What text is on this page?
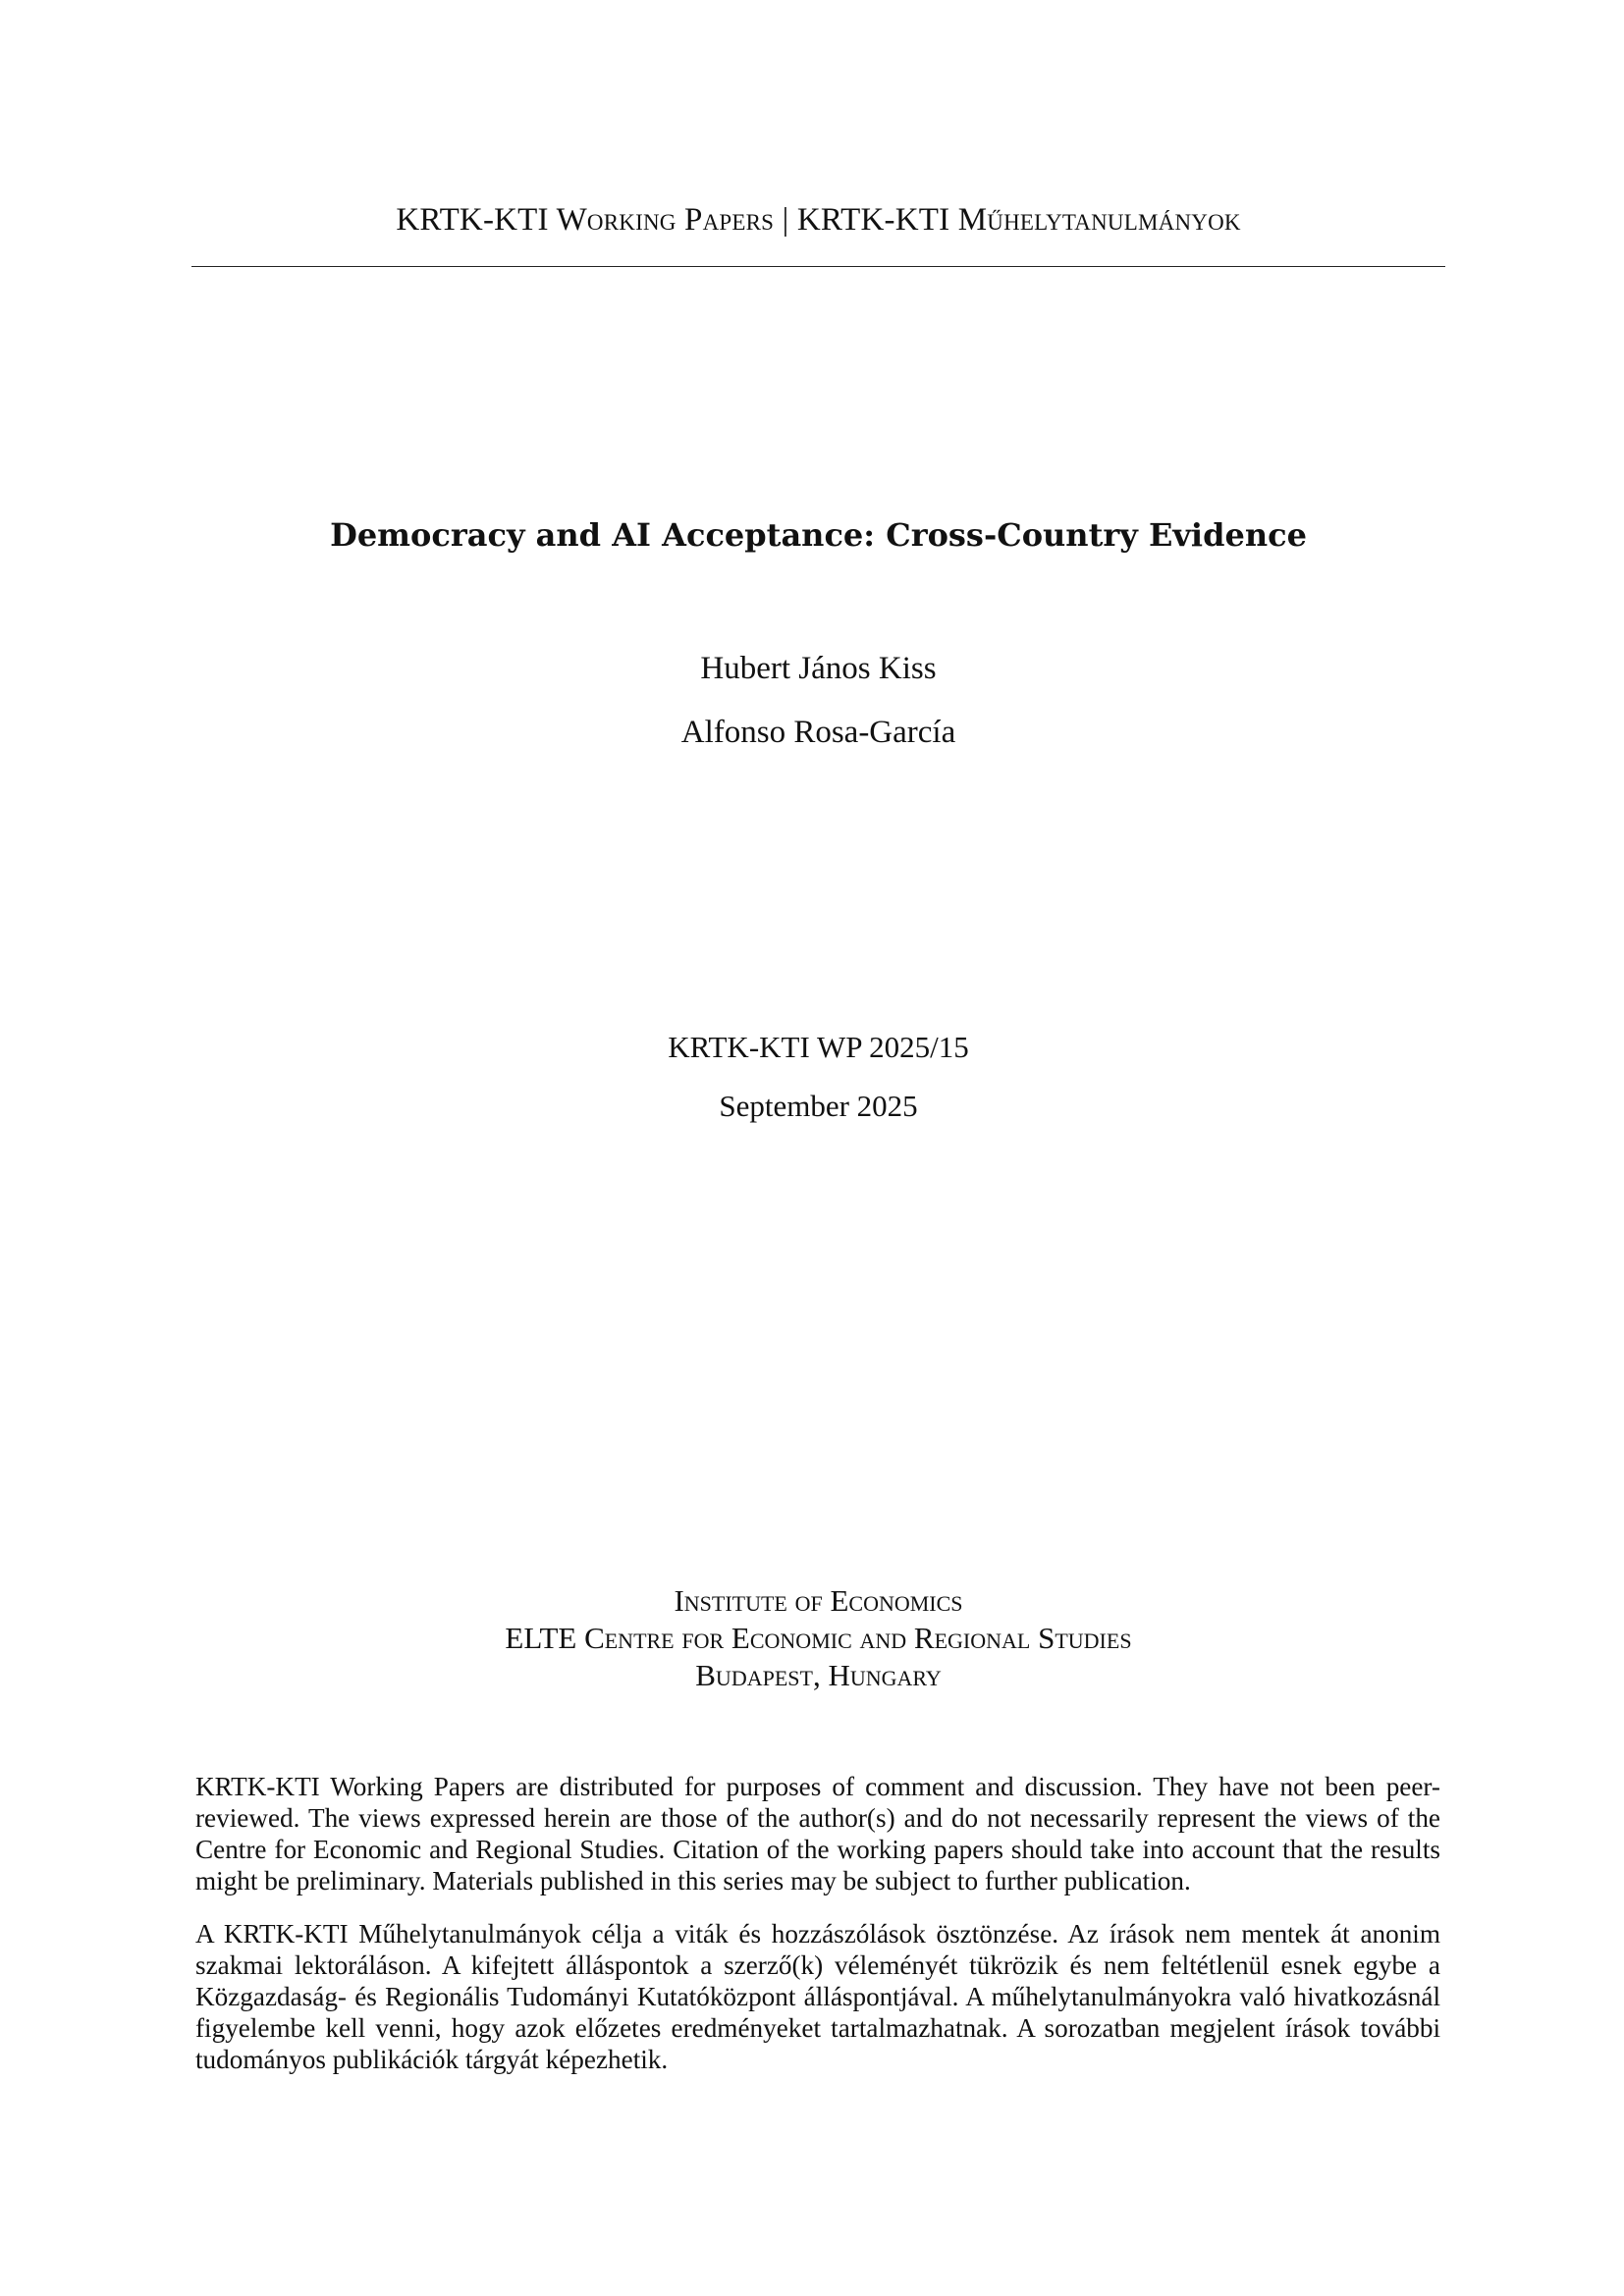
KRTK-KTI Working Papers | KRTK-KTI Műhelytanulmányok
Democracy and AI Acceptance: Cross-Country Evidence
Hubert János Kiss
Alfonso Rosa-García
KRTK-KTI WP 2025/15
September 2025
Institute of Economics
ELTE Centre for Economic and Regional Studies
Budapest, Hungary

KRTK-KTI Working Papers are distributed for purposes of comment and discussion. They have not been peer-reviewed. The views expressed herein are those of the author(s) and do not necessarily represent the views of the Centre for Economic and Regional Studies. Citation of the working papers should take into account that the results might be preliminary. Materials published in this series may be subject to further publication.

A KRTK-KTI Műhelytanulmányok célja a viták és hozzászólások ösztönzése. Az írások nem mentek át anonim szakmai lektoráláson. A kifejtett álláspontok a szerző(k) véleményét tükrözik és nem feltétlenül esnek egybe a Közgazdaság- és Regionális Tudományi Kutatóközpont álláspontjával. A műhelytanulmányokra való hivatkozásnál figyelembe kell venni, hogy azok előzetes eredményeket tartalmazhatnak. A sorozatban megjelent írások további tudományos publikációk tárgyát képezhetik.
